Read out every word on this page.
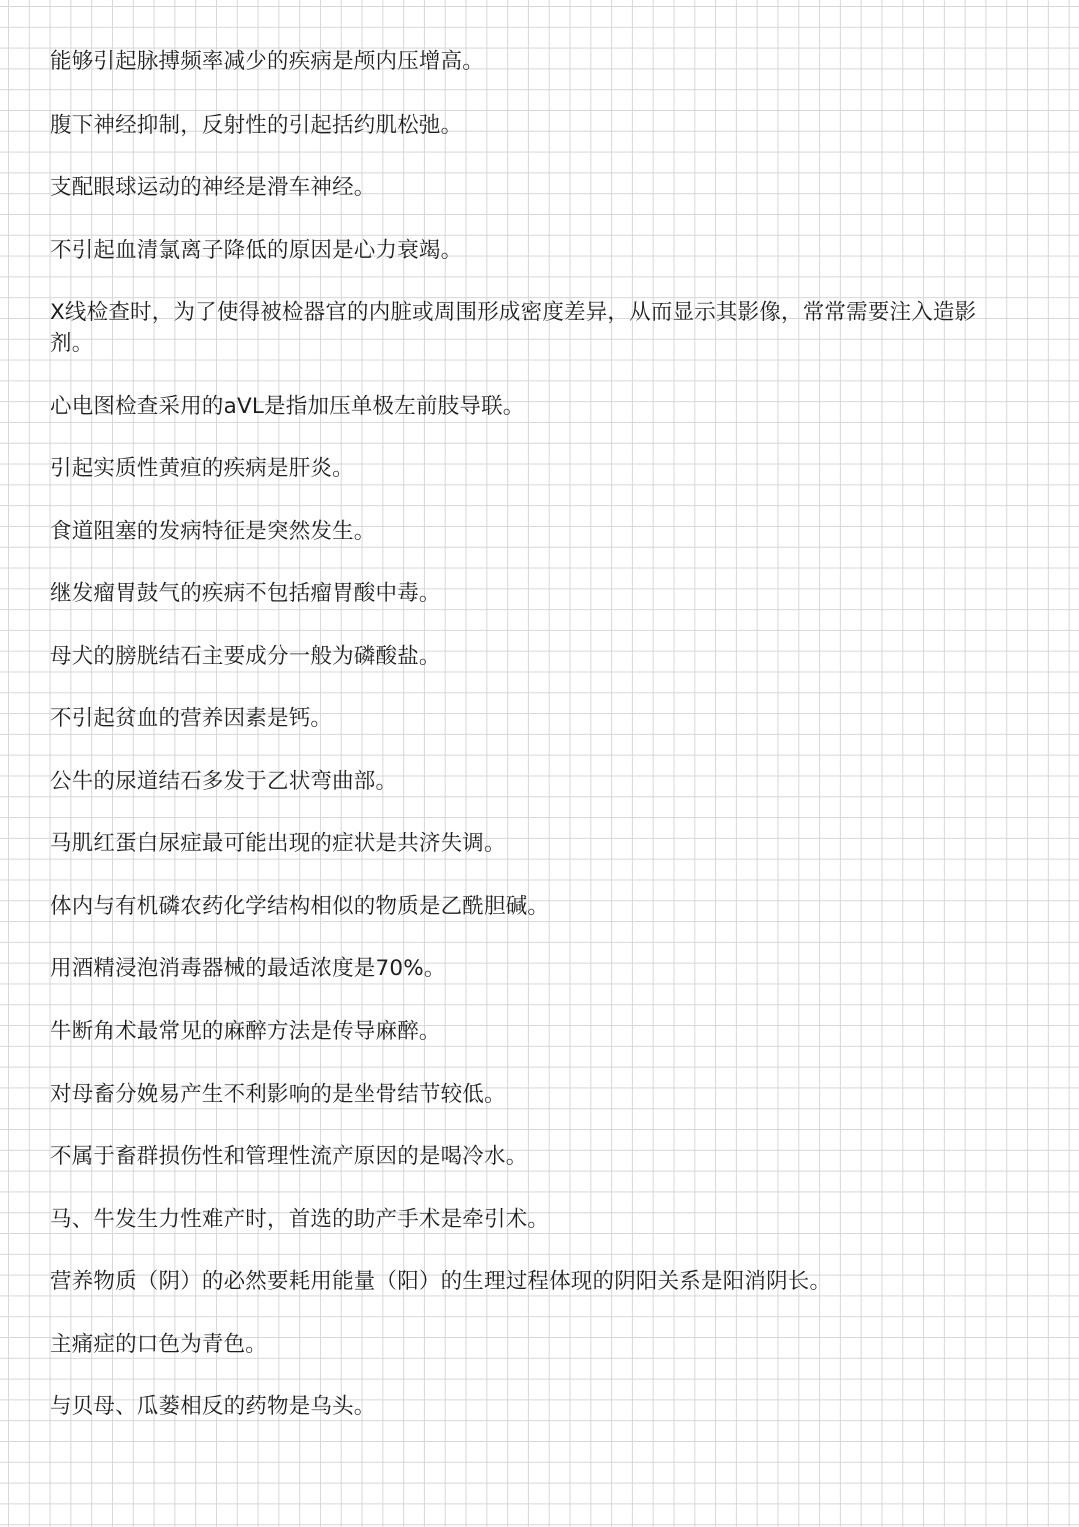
能够引起脉搏频率减少的疾病是颅内压增高。

腹下神经抑制，反射性的引起括约肌松弛。

支配眼球运动的神经是滑车神经。

不引起血清氯离子降低的原因是心力衰竭。

X线检查时，为了使得被检器官的内脏或周围形成密度差异，从而显示其影像，常常需要注入造影剂。

心电图检查采用的aVL是指加压单极左前肢导联。

引起实质性黄疸的疾病是肝炎。

食道阻塞的发病特征是突然发生。

继发瘤胃鼓气的疾病不包括瘤胃酸中毒。

母犬的膀胱结石主要成分一般为磷酸盐。

不引起贫血的营养因素是钙。

公牛的尿道结石多发于乙状弯曲部。

马肌红蛋白尿症最可能出现的症状是共济失调。

体内与有机磷农药化学结构相似的物质是乙酰胆碱。

用酒精浸泡消毒器械的最适浓度是70%。

牛断角术最常见的麻醉方法是传导麻醉。

对母畜分娩易产生不利影响的是坐骨结节较低。

不属于畜群损伤性和管理性流产原因的是喝冷水。

马、牛发生力性难产时，首选的助产手术是牵引术。

营养物质（阴）的必然要耗用能量（阳）的生理过程体现的阴阳关系是阳消阴长。

主痛症的口色为青色。

与贝母、瓜蒌相反的药物是乌头。
